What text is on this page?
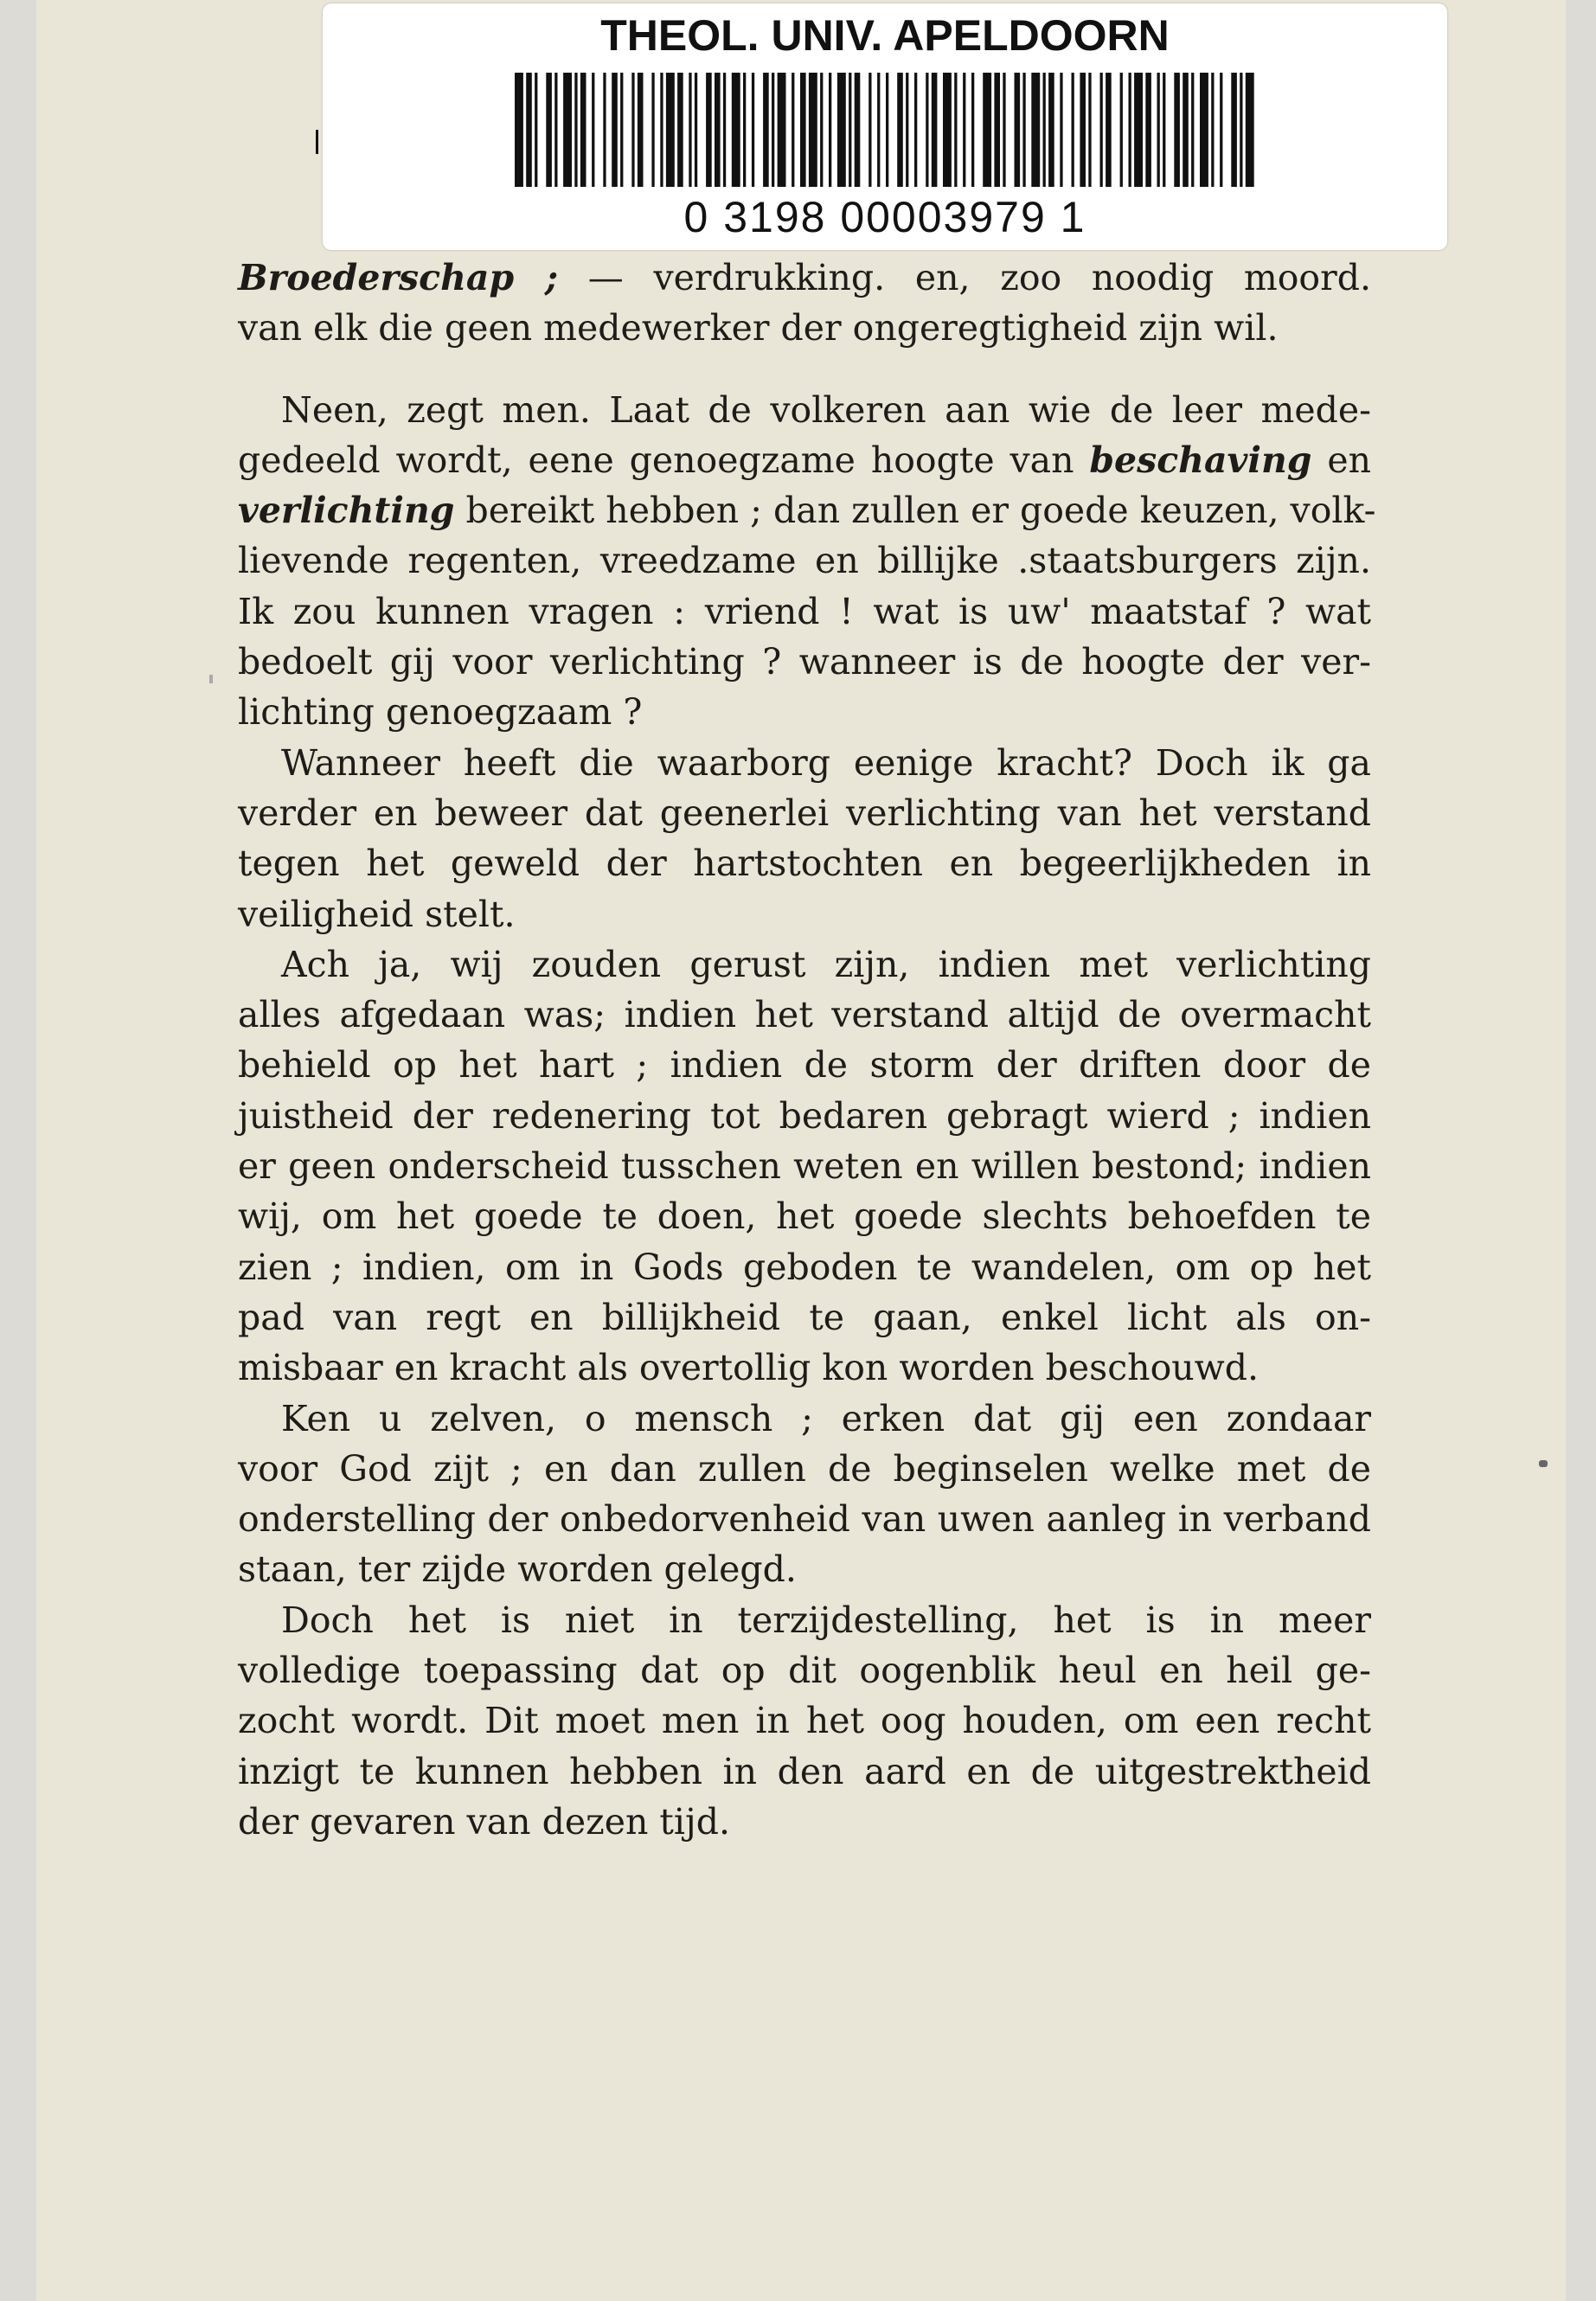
THEOL. UNIV. APELDOORN
0 3198 00003979 1
Broederschap ; — verdrukking. en, zoo noodig moord.
van elk die geen medewerker der ongeregtigheid zijn wil.
Neen, zegt men. Laat de volkeren aan wie de leer mede-
gedeeld wordt, eene genoegzame hoogte van beschaving en
verlichting bereikt hebben ; dan zullen er goede keuzen, volk-
lievende regenten, vreedzame en billijke .staatsburgers zijn.
Ik zou kunnen vragen : vriend ! wat is uw' maatstaf ? wat
bedoelt gij voor verlichting ? wanneer is de hoogte der ver-
lichting genoegzaam ?
Wanneer heeft die waarborg eenige kracht? Doch ik ga
verder en beweer dat geenerlei verlichting van het verstand
tegen het geweld der hartstochten en begeerlijkheden in
veiligheid stelt.
Ach ja, wij zouden gerust zijn, indien met verlichting
alles afgedaan was; indien het verstand altijd de overmacht
behield op het hart ; indien de storm der driften door de
juistheid der redenering tot bedaren gebragt wierd ; indien
er geen onderscheid tusschen weten en willen bestond; indien
wij, om het goede te doen, het goede slechts behoefden te
zien ; indien, om in Gods geboden te wandelen, om op het
pad van regt en billijkheid te gaan, enkel licht als on-
misbaar en kracht als overtollig kon worden beschouwd.
Ken u zelven, o mensch ; erken dat gij een zondaar
voor God zijt ; en dan zullen de beginselen welke met de
onderstelling der onbedorvenheid van uwen aanleg in verband
staan, ter zijde worden gelegd.
Doch het is niet in terzijdestelling, het is in meer
volledige toepassing dat op dit oogenblik heul en heil ge-
zocht wordt. Dit moet men in het oog houden, om een recht
inzigt te kunnen hebben in den aard en de uitgestrektheid
der gevaren van dezen tijd.
